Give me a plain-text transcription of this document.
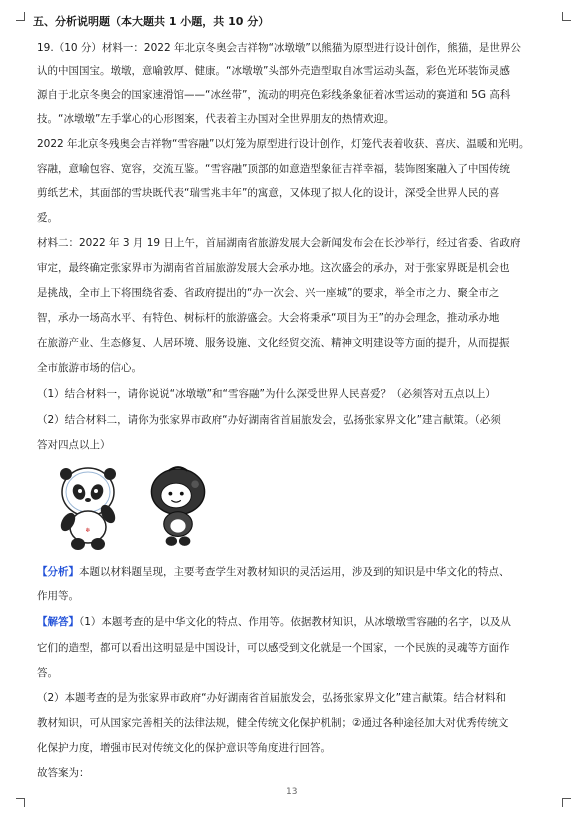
五、分析说明题（本大题共 1 小题，共 10 分）
19.（10 分）材料一：2022 年北京冬奥会吉祥物“冰墩墩”以熊猫为原型进行设计创作，熊猫，是世界公
认的中国国宝。墩墩，意喻敦厚、健康。“冰墩墩”头部外壳造型取自冰雪运动头盔，彩色光环装饰灵感
源自于北京冬奥会的国家速滑馆——“冰丝带”，流动的明亮色彩线条象征着冰雪运动的赛道和 5G 高科
技。“冰墩墩”左手掌心的心形图案，代表着主办国对全世界朋友的热情欢迎。
2022 年北京冬残奥会吉祥物“雪容融”以灯笼为原型进行设计创作，灯笼代表着收获、喜庆、温暖和光明。
容融，意喻包容、宽容，交流互鉴。“雪容融”顶部的如意造型象征吉祥幸福，装饰图案融入了中国传统
剪纸艺术，其面部的雪块既代表“瑞雪兆丰年”的寓意，又体现了拟人化的设计，深受全世界人民的喜
爱。
材料二：2022 年 3 月 19 日上午，首届湖南省旅游发展大会新闻发布会在长沙举行，经过省委、省政府
审定，最终确定张家界市为湖南省首届旅游发展大会承办地。这次盛会的承办，对于张家界既是机会也
是挑战，全市上下将围绕省委、省政府提出的“办一次会、兴一座城”的要求，举全市之力、聚全市之
智，承办一场高水平、有特色、树标杆的旅游盛会。大会将秉承“项目为王”的办会理念，推动承办地
在旅游产业、生态修复、人居环境、服务设施、文化经贸交流、精神文明建设等方面的提升，从而提振
全市旅游市场的信心。
（1）结合材料一，请你说说“冰墩墩”和“雪容融”为什么深受世界人民喜爱？（必须答对五点以上）
（2）结合材料二，请你为张家界市政府“办好湖南省首届旅发会，弘扬张家界文化”建言献策。（必须
答对四点以上）
❄
【分析】本题以材料题呈现，主要考查学生对教材知识的灵活运用，涉及到的知识是中华文化的特点、
作用等。
【解答】（1）本题考查的是中华文化的特点、作用等。依据教材知识，从冰墩墩雪容融的名字，以及从
它们的造型，都可以看出这明显是中国设计，可以感受到文化就是一个国家，一个民族的灵魂等方面作
答。
（2）本题考查的是为张家界市政府“办好湖南省首届旅发会，弘扬张家界文化”建言献策。结合材料和
教材知识，可从国家完善相关的法律法规，健全传统文化保护机制；②通过各种途径加大对优秀传统文
化保护力度，增强市民对传统文化的保护意识等角度进行回答。
故答案为：
13
